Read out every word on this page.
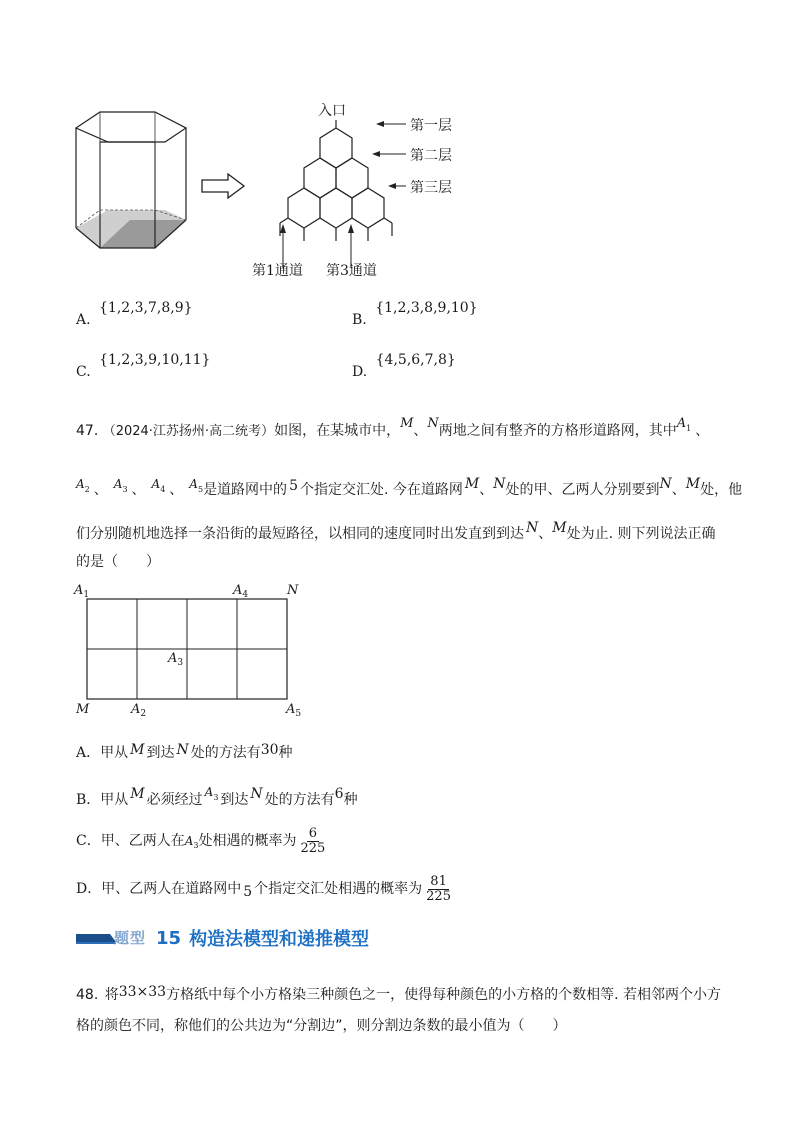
入口
第一层
第二层
第三层
第1通道 第3通道
A. {1,2,3,7,8,9}
B. {1,2,3,8,9,10}
C. {1,2,3,9,10,11}
D. {4,5,6,7,8}
47. （2024·江苏扬州·高二统考）如图，在某城市中，M、N两地之间有整齐的方格形道路网，其中$A^1$ 、
A2 、 A3 、 A4 、 A5是道路网中的 5 个指定交汇处. 今在道路网 M、N处的甲、乙两人分别要到N、M处，他
们分别随机地选择一条沿街的最短路径，以相同的速度同时出发直到到达 N、M处为止. 则下列说法正确
的是（　　）
$A_1$	$A_4$	N
$A_3$
M	$A_2$	$A_5$
A．甲从 M 到达 N 处的方法有30种
B．甲从 M 必须经过 $A^3$ 到达 N 处的方法有6种
C．甲、乙两人在$A_3$处相遇的概率为 $\frac{6}{225}$
D．甲、乙两人在道路网中 5 个指定交汇处相遇的概率为 $\frac{81}{225}$
题型 15 构造法模型和递推模型
48. 将33×33方格纸中每个小方格染三种颜色之一，使得每种颜色的小方格的个数相等. 若相邻两个小方
格的颜色不同，称他们的公共边为“分割边”，则分割边条数的最小值为（　　）
